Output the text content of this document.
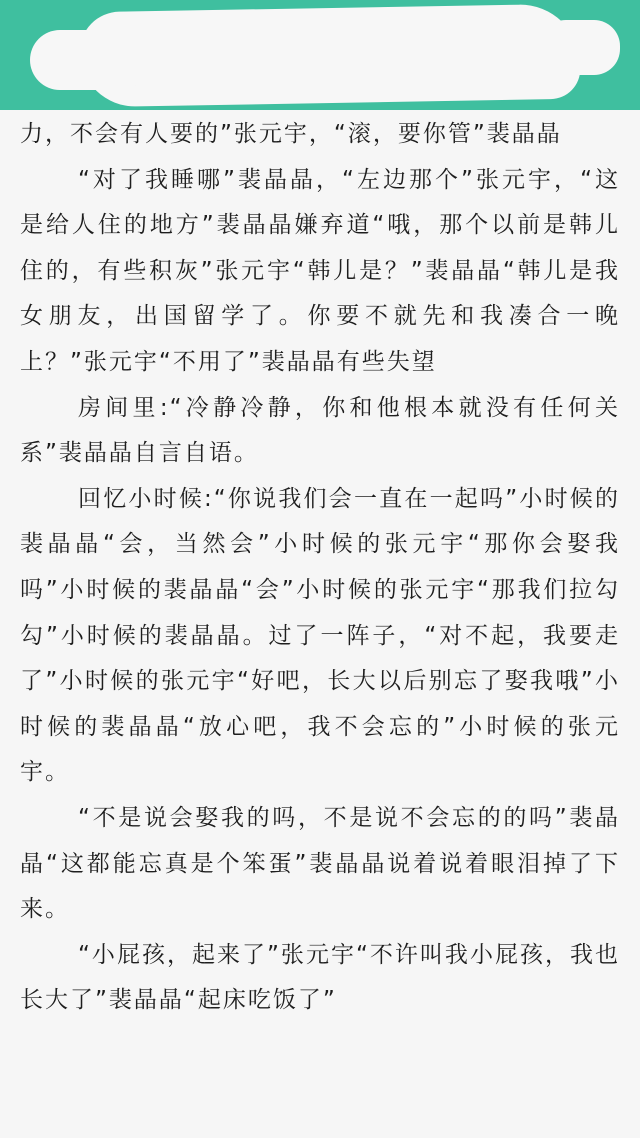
力，不会有人要的”张元宇，“滚，要你管”裴晶晶

“对了我睡哪”裴晶晶，“左边那个”张元宇，“这是给人住的地方”裴晶晶嫌弃道“哦，那个以前是韩儿住的，有些积灰”张元宇“韩儿是？”裴晶晶“韩儿是我女朋友，出国留学了。你要不就先和我凑合一晚上？”张元宇“不用了”裴晶晶有些失望

房间里:“冷静冷静，你和他根本就没有任何关系”裴晶晶自言自语。

回忆小时候:“你说我们会一直在一起吗”小时候的裴晶晶“会，当然会”小时候的张元宇“那你会娶我吗”小时候的裴晶晶“会”小时候的张元宇“那我们拉勾勾”小时候的裴晶晶。过了一阵子，“对不起，我要走了”小时候的张元宇“好吧，长大以后别忘了娶我哦”小时候的裴晶晶“放心吧，我不会忘的”小时候的张元宇。

“不是说会娶我的吗，不是说不会忘的的吗”裴晶晶“这都能忘真是个笨蛋”裴晶晶说着说着眼泪掉了下来。

“小屁孩，起来了”张元宇“不许叫我小屁孩，我也长大了”裴晶晶“起床吃饭了”
